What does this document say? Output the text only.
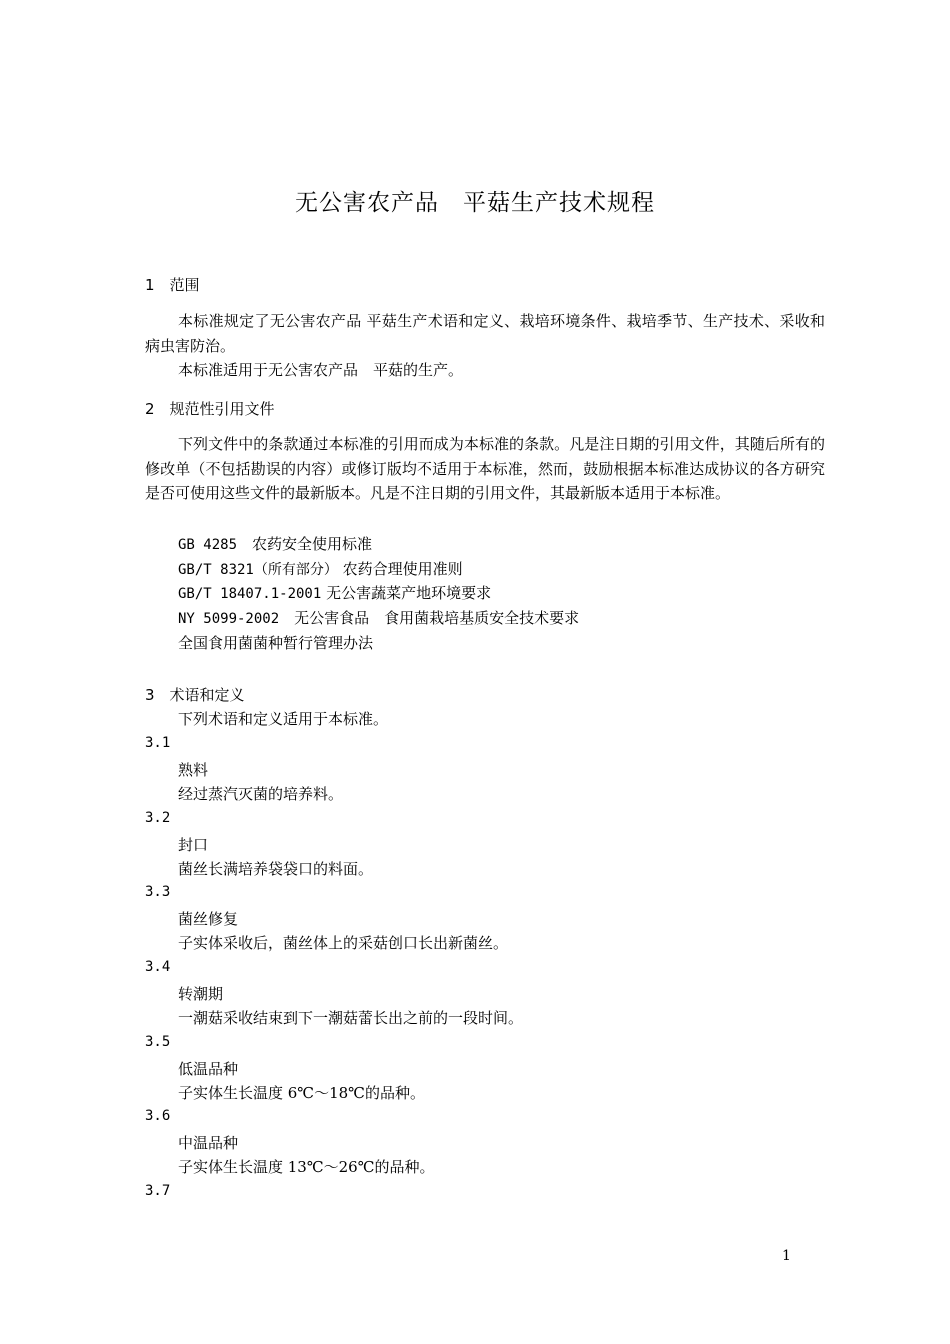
无公害农产品　平菇生产技术规程
1　范围
本标准规定了无公害农产品 平菇生产术语和定义、栽培环境条件、栽培季节、生产技术、采收和病虫害防治。
本标准适用于无公害农产品　平菇的生产。
2　规范性引用文件
下列文件中的条款通过本标准的引用而成为本标准的条款。凡是注日期的引用文件，其随后所有的修改单（不包括勘误的内容）或修订版均不适用于本标准，然而，鼓励根据本标准达成协议的各方研究是否可使用这些文件的最新版本。凡是不注日期的引用文件，其最新版本适用于本标准。
GB 4285　 农药安全使用标准
GB/T 8321（所有部分） 农药合理使用准则
GB/T 18407.1-2001 无公害蔬菜产地环境要求
NY 5099-2002　 无公害食品　食用菌栽培基质安全技术要求
全国食用菌菌种暂行管理办法
3　术语和定义
下列术语和定义适用于本标准。
3.1
熟料
经过蒸汽灭菌的培养料。
3.2
封口
菌丝长满培养袋袋口的料面。
3.3
菌丝修复
子实体采收后，菌丝体上的采菇创口长出新菌丝。
3.4
转潮期
一潮菇采收结束到下一潮菇蕾长出之前的一段时间。
3.5
低温品种
子实体生长温度 6℃～18℃的品种。
3.6
中温品种
子实体生长温度 13℃～26℃的品种。
3.7
1
